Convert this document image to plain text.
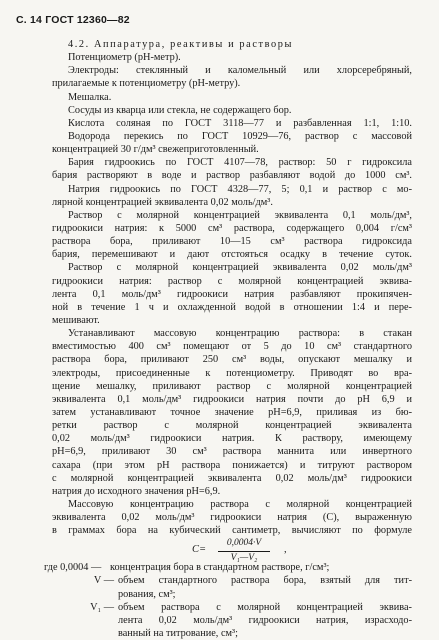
С. 14 ГОСТ 12360—82
4.2. Аппаратура, реактивы и растворы
Потенциометр (рН-метр).
Электроды: стеклянный и каломельный или хлорсеребряный,
прилагаемые к потенциометру (рН-метру).
Мешалка.
Сосуды из кварца или стекла, не содержащего бор.
Кислота соляная по ГОСТ 3118—77 и разбавленная 1:1, 1:10.
Водорода перекись по ГОСТ 10929—76, раствор с массовой
концентрацией 30 г/дм³ свежеприготовленный.
Бария гидроокись по ГОСТ 4107—78, раствор: 50 г гидроксила
бария растворяют в воде и раствор разбавляют водой до 1000 см³.
Натрия гидроокись по ГОСТ 4328—77, 5; 0,1 и раствор с мо-
лярной концентрацией эквивалента 0,02 моль/дм³.
Раствор с молярной концентрацией эквивалента 0,1 моль/дм³,
гидроокиси натрия: к 5000 см³ раствора, содержащего 0,004 г/см³
раствора бора, приливают 10—15 см³ раствора гидроксида
бария, перемешивают и дают отстояться осадку в течение суток.
Раствор с молярной концентрацией эквивалента 0,02 моль/дм³
гидроокиси натрия: раствор с молярной концентрацией эквива-
лента 0,1 моль/дм³ гидроокиси натрия разбавляют прокипячен-
ной в течение 1 ч и охлажденной водой в отношении 1:4 и пере-
мешивают.
Устанавливают массовую концентрацию раствора: в стакан
вместимостью 400 см³ помещают от 5 до 10 см³ стандартного
раствора бора, приливают 250 см³ воды, опускают мешалку и
электроды, присоединенные к потенциометру. Приводят во вра-
щение мешалку, приливают раствор с молярной концентрацией
эквивалента 0,1 моль/дм³ гидроокиси натрия почти до рН 6,9 и
затем устанавливают точное значение рН=6,9, приливая из бю-
ретки раствор с молярной концентрацией эквивалента
0,02 моль/дм³ гидроокиси натрия. К раствору, имеющему
рН=6,9, приливают 30 см³ раствора маннита или инвертного
сахара (при этом рН раствора понижается) и титруют раствором
с молярной концентрацией эквивалента 0,02 моль/дм³ гидроокиси
натрия до исходного значения рН=6,9.
Массовую концентрацию раствора с молярной концентрацией
эквивалента 0,02 моль/дм³ гидроокиси натрия (С), выраженную
в граммах бора на кубический сантиметр, вычисляют по формуле
$C= \frac{0,0004\cdot V}{\text{V₁—V₂}}$ ,
где 0,0004 — концентрация бора в стандартном растворе, г/см³;
V — объем стандартного раствора бора, взятый для тит-
рования, см³;
V₁ — объем раствора с молярной концентрацией эквива-
лента 0,02 моль/дм³ гидроокиси натрия, израсходо-
ванный на титрование, см³;
